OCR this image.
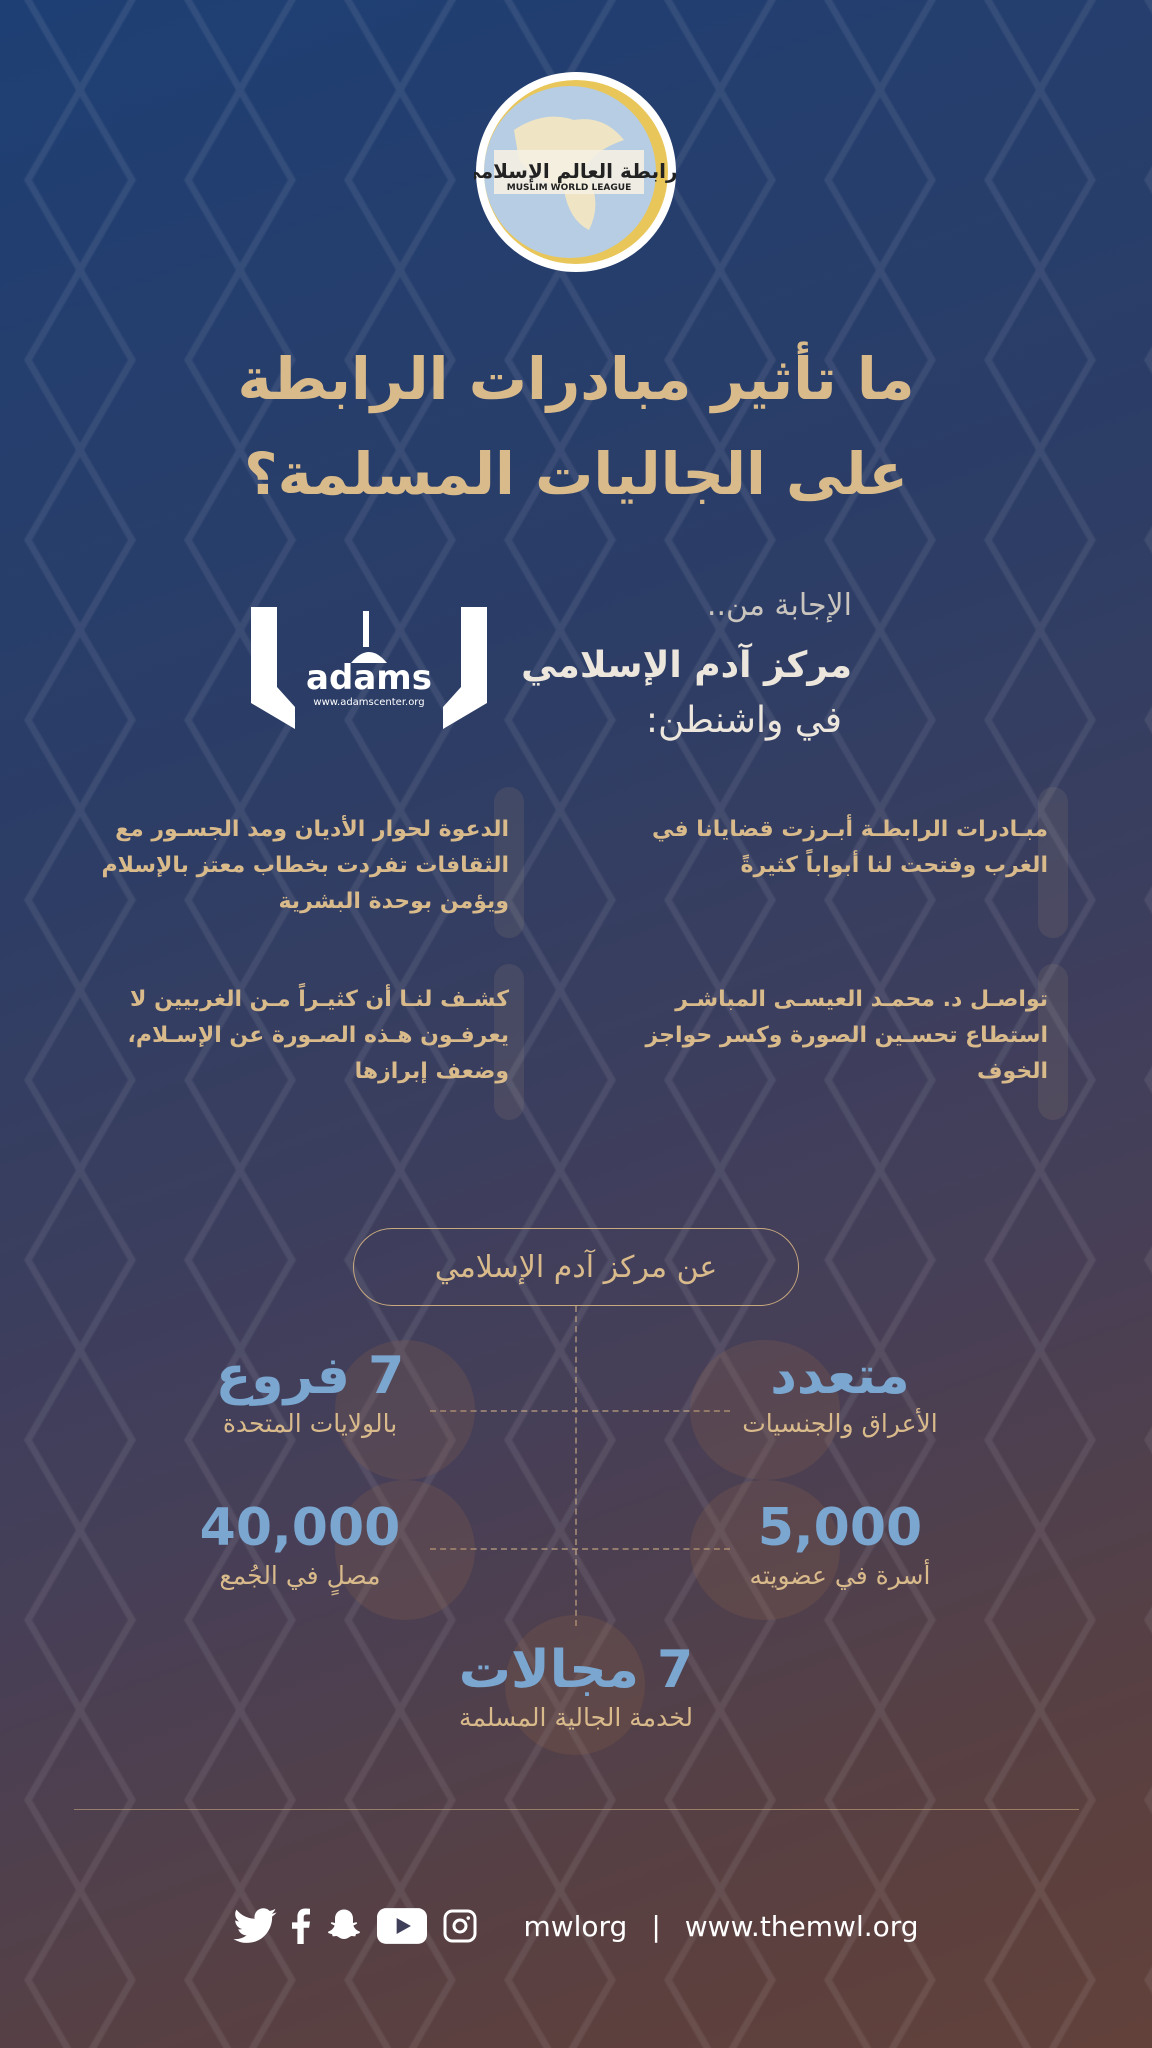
رابطة العالم الإسلامي
MUSLIM WORLD LEAGUE
ما تأثير مبادرات الرابطة
على الجاليات المسلمة؟
adams
www.adamscenter.org
الإجابة من..
مركز آدم الإسلامي
في واشنطن:
مبـادرات الرابطـة أبـرزت قضايانا في الغرب وفتحت لنا أبواباً كثيرةً
الدعوة لحوار الأديان ومد الجسـور مع الثقافات تفردت بخطاب معتز بالإسلام ويؤمن بوحدة البشرية
تواصـل د. محمـد العيسـى المباشـر استطاع تحسـين الصورة وكسر حواجز الخوف
كشـف لنـا أن كثيـراً مـن الغربيين لا يعرفـون هـذه الصـورة عن الإسـلام، وضعف إبرازها
عن مركز آدم الإسلامي
متعدد
الأعراق والجنسيات
7 فروع
بالولايات المتحدة
5,000
أسرة في عضويته
40,000
مصلٍ في الجُمع
7 مجالات
لخدمة الجالية المسلمة
mwlorg | www.themwl.org
